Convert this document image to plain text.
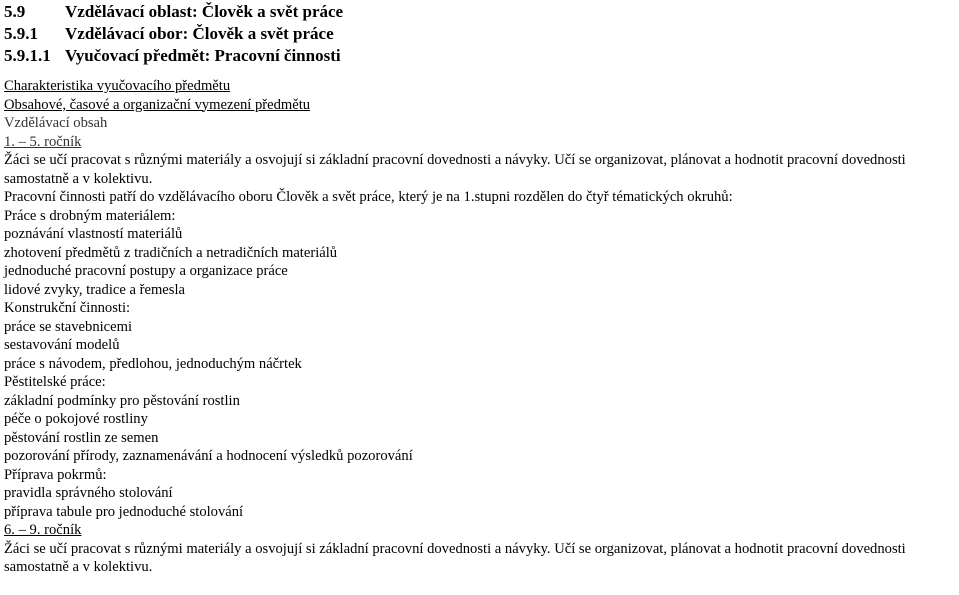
5.9 Vzdělávací oblast: Člověk a svět práce
5.9.1 Vzdělávací obor: Člověk a svět práce
5.9.1.1 Vyučovací předmět: Pracovní činnosti
Charakteristika vyučovacího předmětu
Obsahové, časové a organizační vymezení předmětu
Vzdělávací obsah
1. – 5. ročník
Žáci se učí pracovat s různými materiály a osvojují si základní pracovní dovednosti a návyky. Učí se organizovat, plánovat a hodnotit pracovní dovednosti samostatně a v kolektivu.
Pracovní činnosti patří do vzdělávacího oboru Člověk a svět práce, který je na 1.stupni rozdělen do čtyř tématických okruhů:
Práce s drobným materiálem:
poznávání vlastností materiálů
zhotovení předmětů z tradičních a netradičních materiálů
jednoduché pracovní postupy a organizace práce
lidové zvyky, tradice a řemesla
Konstrukční činnosti:
práce se stavebnicemi
sestavování modelů
práce s návodem, předlohou, jednoduchým náčrtek
Pěstitelské práce:
základní podmínky pro pěstování rostlin
péče o pokojové rostliny
pěstování rostlin ze semen
pozorování přírody, zaznamenávání a hodnocení výsledků pozorování
Příprava pokrmů:
pravidla správného stolování
příprava tabule pro jednoduché stolování
6. – 9. ročník
Žáci se učí pracovat s různými materiály a osvojují si základní pracovní dovednosti a návyky. Učí se organizovat, plánovat a hodnotit pracovní dovednosti samostatně a v kolektivu.
